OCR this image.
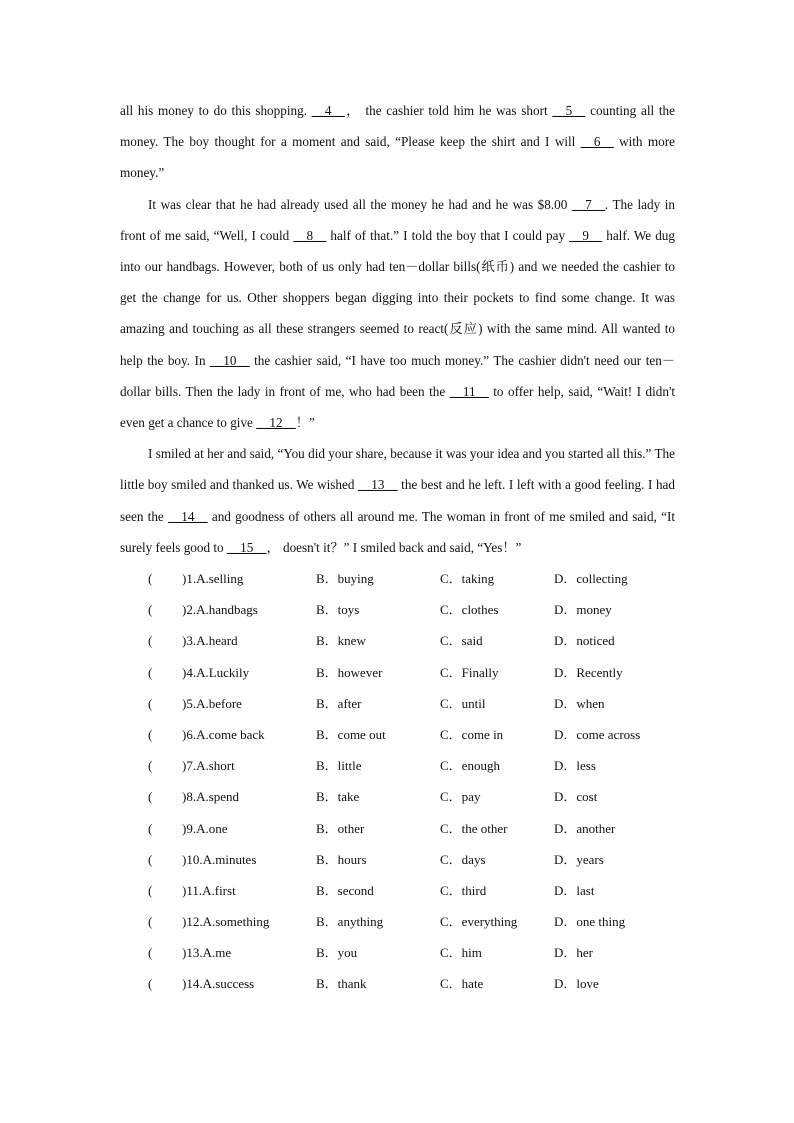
all his money to do this shopping. __4__， the cashier told him he was short __5__ counting all the money. The boy thought for a moment and said, “Please keep the shirt and I will __6__ with more money.”

It was clear that he had already used all the money he had and he was $8.00 __7__. The lady in front of me said, “Well, I could __8__ half of that.” I told the boy that I could pay __9__ half. We dug into our handbags. However, both of us only had ten－dollar bills(纸币) and we needed the cashier to get the change for us. Other shoppers began digging into their pockets to find some change. It was amazing and touching as all these strangers seemed to react(反应) with the same mind. All wanted to help the boy. In __10__ the cashier said, “I have too much money.” The cashier didn't need our ten－dollar bills. Then the lady in front of me, who had been the __11__ to offer help, said, “Wait! I didn't even get a chance to give __12__！”

I smiled at her and said, “You did your share, because it was your idea and you started all this.” The little boy smiled and thanked us. We wished __13__ the best and he left. I left with a good feeling. I had seen the __14__ and goodness of others all around me. The woman in front of me smiled and said, “It surely feels good to __15__， doesn't it？” I smiled back and said, “Yes！”

( )1.A.selling	B．buying	C．taking	D．collecting
( )2.A.handbags	B．toys	C．clothes	D．money
( )3.A.heard	B．knew	C．said	D．noticed
( )4.A.Luckily	B．however	C．Finally	D．Recently
( )5.A.before	B．after	C．until	D．when
( )6.A.come back	B．come out	C．come in	D．come across
( )7.A.short	B．little	C．enough	D．less
( )8.A.spend	B．take	C．pay	D．cost
( )9.A.one	B．other	C．the other	D．another
( )10.A.minutes	B．hours	C．days	D．years
( )11.A.first	B．second	C．third	D．last
( )12.A.something	B．anything	C．everything	D．one thing
( )13.A.me	B．you	C．him	D．her
( )14.A.success	B．thank	C．hate	D．love
